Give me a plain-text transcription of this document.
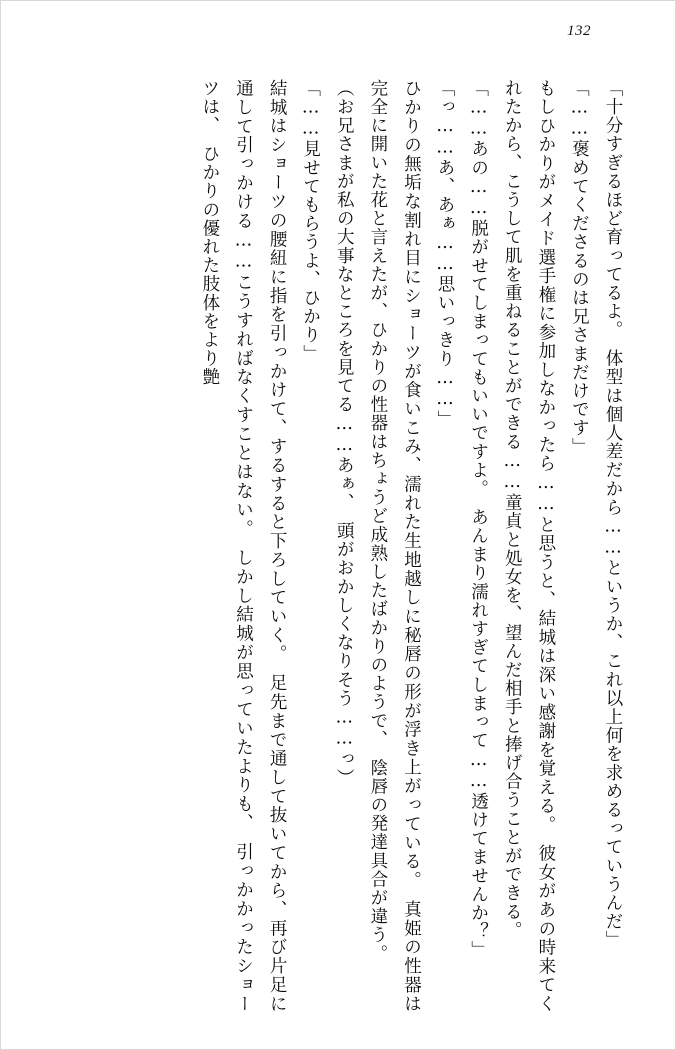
132

「十分すぎるほど育ってるよ。　体型は個人差だから……というか、これ以上何を求めるっていうんだ」

「……褒めてくださるのは兄さまだけです」

もしひかりがメイド選手権に参加しなかったら……と思うと、結城は深い感謝を覚える。　彼女があの時来てくれたから、こうして肌を重ねることができる……童貞と処女を、望んだ相手と捧げ合うことができる。

「……あの……脱がせてしまってもいいですよ。　あんまり濡れすぎてしまって……透けてませんか？」

「っ……あ、あぁ……思いっきり……」

ひかりの無垢な割れ目にショーツが食いこみ、濡れた生地越しに秘唇の形が浮き上がっている。　真姫の性器は完全に開いた花と言えたが、ひかりの性器はちょうど成熟したばかりのようで、　陰唇の発達具合が違う。

（お兄さまが私の大事なところを見てる……あぁ、　頭がおかしくなりそう……っ）

「……見せてもらうよ、ひかり」

結城はショーツの腰紐に指を引っかけて、するすると下ろしていく。　足先まで通して抜いてから、再び片足に通して引っかける……こうすればなくすことはない。　しかし結城が思っていたよりも、　引っかかったショーツは、　ひかりの優れた肢体をより艶
